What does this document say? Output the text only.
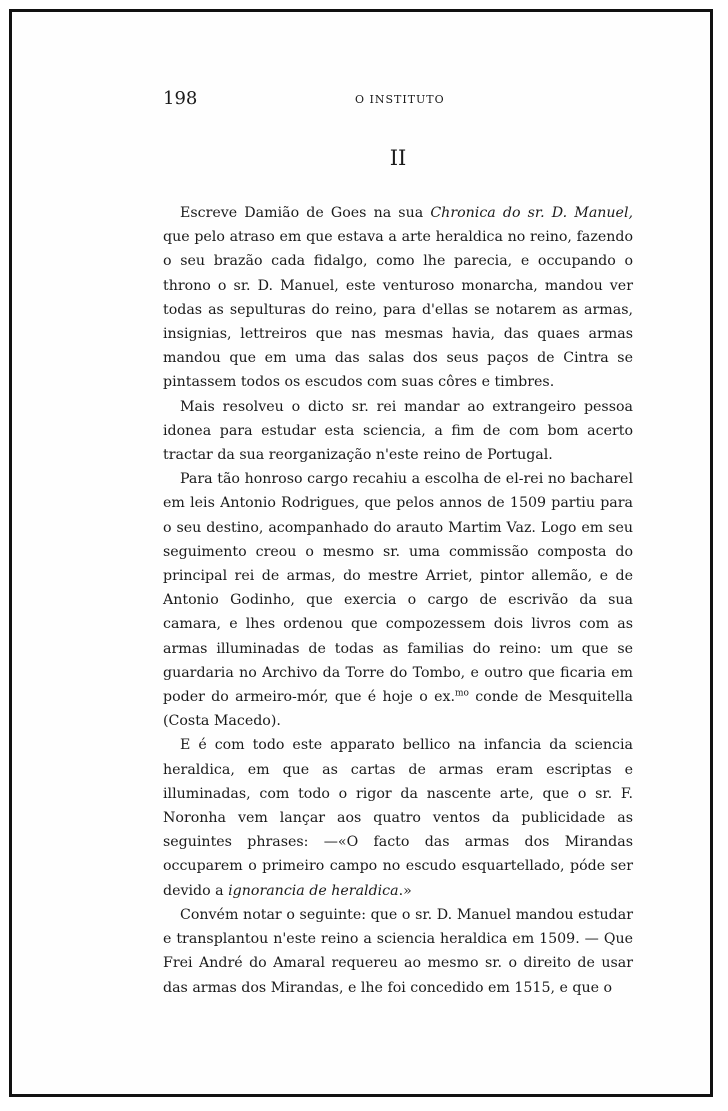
198	O INSTITUTO
II

Escreve Damião de Goes na sua Chronica do sr. D. Manuel, que pelo atraso em que estava a arte heraldica no reino, fazendo o seu brazão cada fidalgo, como lhe parecia, e occupando o throno o sr. D. Manuel, este venturoso monarcha, mandou ver todas as sepulturas do reino, para d'ellas se notarem as armas, insignias, lettreiros que nas mesmas havia, das quaes armas mandou que em uma das salas dos seus paços de Cintra se pintassem todos os escudos com suas côres e timbres.

Mais resolveu o dicto sr. rei mandar ao extrangeiro pessoa idonea para estudar esta sciencia, a fim de com bom acerto tractar da sua reorganização n'este reino de Portugal.

Para tão honroso cargo recahiu a escolha de el-rei no bacharel em leis Antonio Rodrigues, que pelos annos de 1509 partiu para o seu destino, acompanhado do arauto Martim Vaz. Logo em seu seguimento creou o mesmo sr. uma commissão composta do principal rei de armas, do mestre Arriet, pintor allemão, e de Antonio Godinho, que exercia o cargo de escrivão da sua camara, e lhes ordenou que compozessem dois livros com as armas illuminadas de todas as familias do reino: um que se guardaria no Archivo da Torre do Tombo, e outro que ficaria em poder do armeiro-mór, que é hoje o ex.$^{mo}$ conde de Mesquitella (Costa Macedo).

E é com todo este apparato bellico na infancia da sciencia heraldica, em que as cartas de armas eram escriptas e illuminadas, com todo o rigor da nascente arte, que o sr. F. Noronha vem lançar aos quatro ventos da publicidade as seguintes phrases: —«O facto das armas dos Mirandas occuparem o primeiro campo no escudo esquartellado, póde ser devido a ignorancia de heraldica.»

Convém notar o seguinte: que o sr. D. Manuel mandou estudar e transplantou n'este reino a sciencia heraldica em 1509. — Que Frei André do Amaral requereu ao mesmo sr. o direito de usar das armas dos Mirandas, e lhe foi concedido em 1515, e que o
